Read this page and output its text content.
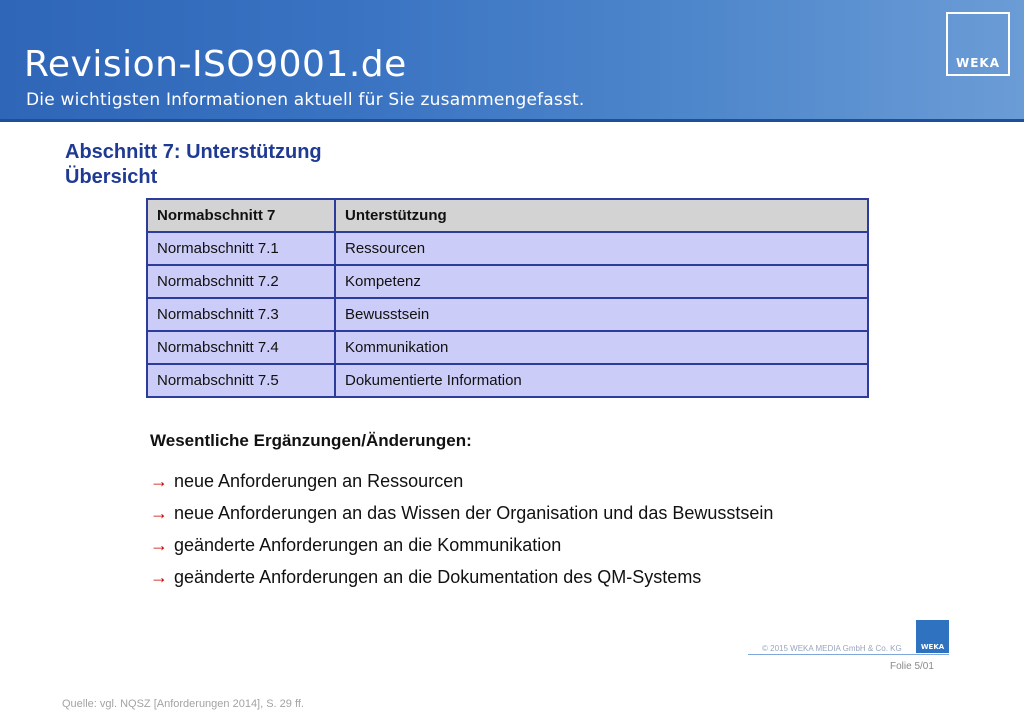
Revision-ISO9001.de
Die wichtigsten Informationen aktuell für Sie zusammengefasst.
WEKA
Abschnitt 7: Unterstützung
Übersicht
Normabschnitt 7	Unterstützung
Normabschnitt 7.1	Ressourcen
Normabschnitt 7.2	Kompetenz
Normabschnitt 7.3	Bewusstsein
Normabschnitt 7.4	Kommunikation
Normabschnitt 7.5	Dokumentierte Information
Wesentliche Ergänzungen/Änderungen:
→ neue Anforderungen an Ressourcen
→ neue Anforderungen an das Wissen der Organisation und das Bewusstsein
→ geänderte Anforderungen an die Kommunikation
→ geänderte Anforderungen an die Dokumentation des QM-Systems
WEKA
© 2015 WEKA MEDIA GmbH & Co. KG
Folie 5/01
Quelle: vgl. NQSZ [Anforderungen 2014], S. 29 ff.
